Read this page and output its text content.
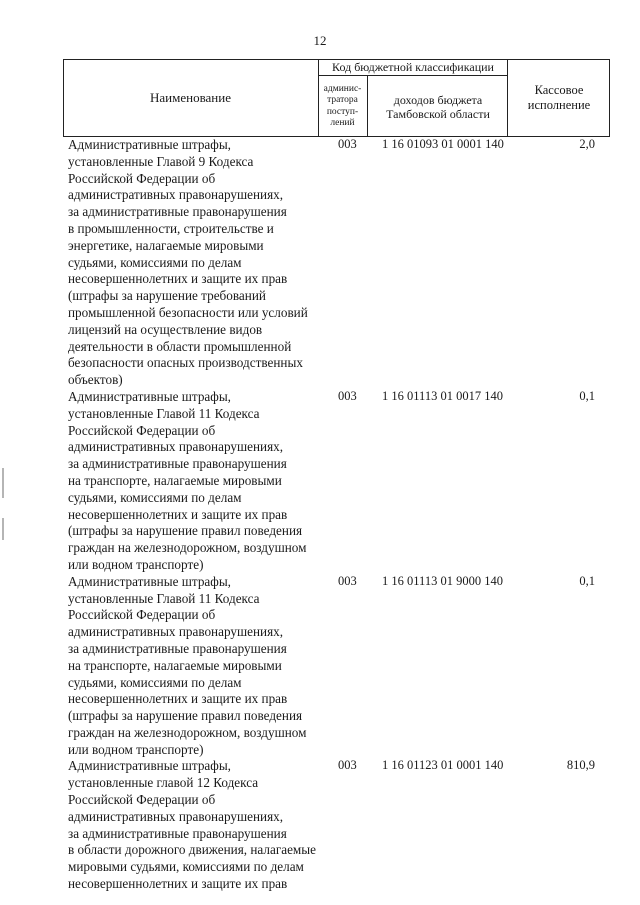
12
Наименование
Код бюджетной классификации
админис-
тратора
поступ-
лений
доходов бюджета
Тамбовской области
Кассовое
исполнение
Административные штрафы,
установленные Главой 9 Кодекса
Российской Федерации об
административных правонарушениях,
за административные правонарушения
в промышленности, строительстве и
энергетике, налагаемые мировыми
судьями, комиссиями по делам
несовершеннолетних и защите их прав
(штрафы за нарушение требований
промышленной безопасности или условий
лицензий на осуществление видов
деятельности в области промышленной
безопасности опасных производственных
объектов)
003 1 16 01093 01 0001 140	2,0
Административные штрафы,
установленные Главой 11 Кодекса
Российской Федерации об
административных правонарушениях,
за административные правонарушения
на транспорте, налагаемые мировыми
судьями, комиссиями по делам
несовершеннолетних и защите их прав
(штрафы за нарушение правил поведения
граждан на железнодорожном, воздушном
или водном транспорте)
003 1 16 01113 01 0017 140	0,1
Административные штрафы,
установленные Главой 11 Кодекса
Российской Федерации об
административных правонарушениях,
за административные правонарушения
на транспорте, налагаемые мировыми
судьями, комиссиями по делам
несовершеннолетних и защите их прав
(штрафы за нарушение правил поведения
граждан на железнодорожном, воздушном
или водном транспорте)
003 1 16 01113 01 9000 140	0,1
Административные штрафы,
установленные главой 12 Кодекса
Российской Федерации об
административных правонарушениях,
за административные правонарушения
в области дорожного движения, налагаемые
мировыми судьями, комиссиями по делам
несовершеннолетних и защите их прав
003 1 16 01123 01 0001 140	810,9
